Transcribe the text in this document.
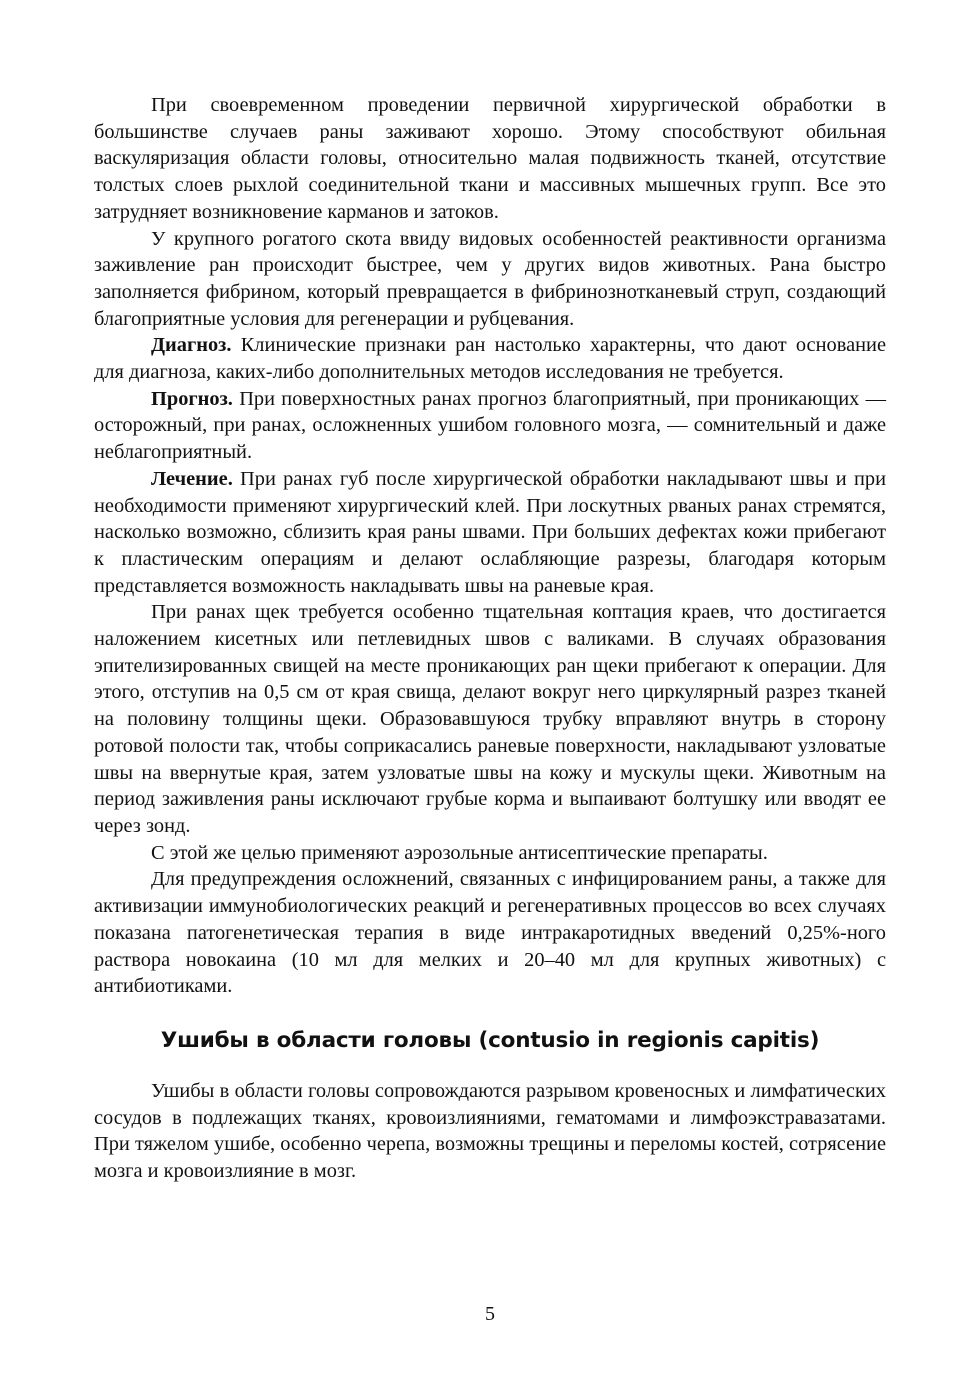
При своевременном проведении первичной хирургической обработки в большинстве случаев раны заживают хорошо. Этому способствуют обильная васкуляризация области головы, относительно малая подвижность тканей, отсутствие толстых слоев рыхлой соединительной ткани и массивных мышечных групп. Все это затрудняет возникновение карманов и затоков.

У крупного рогатого скота ввиду видовых особенностей реактивности организма заживление ран происходит быстрее, чем у других видов животных. Рана быстро заполняется фибрином, который превращается в фибринознотканевый струп, создающий благоприятные условия для регенерации и рубцевания.

Диагноз. Клинические признаки ран настолько характерны, что дают основание для диагноза, каких-либо дополнительных методов исследования не требуется.

Прогноз. При поверхностных ранах прогноз благоприятный, при проникающих — осторожный, при ранах, осложненных ушибом головного мозга, — сомнительный и даже неблагоприятный.

Лечение. При ранах губ после хирургической обработки накладывают швы и при необходимости применяют хирургический клей. При лоскутных рваных ранах стремятся, насколько возможно, сблизить края раны швами. При больших дефектах кожи прибегают к пластическим операциям и делают ослабляющие разрезы, благодаря которым представляется возможность накладывать швы на раневые края.

При ранах щек требуется особенно тщательная коптация краев, что достигается наложением кисетных или петлевидных швов с валиками. В случаях образования эпителизированных свищей на месте проникающих ран щеки прибегают к операции. Для этого, отступив на 0,5 см от края свища, делают вокруг него циркулярный разрез тканей на половину толщины щеки. Образовавшуюся трубку вправляют внутрь в сторону ротовой полости так, чтобы соприкасались раневые поверхности, накладывают узловатые швы на ввернутые края, затем узловатые швы на кожу и мускулы щеки. Животным на период заживления раны исключают грубые корма и выпаивают болтушку или вводят ее через зонд.

С этой же целью применяют аэрозольные антисептические препараты.

Для предупреждения осложнений, связанных с инфицированием раны, а также для активизации иммунобиологических реакций и регенеративных процессов во всех случаях показана патогенетическая терапия в виде интракаротидных введений 0,25%-ного раствора новокаина (10 мл для мелких и 20–40 мл для крупных животных) с антибиотиками.

Ушибы в области головы (contusio in regionis capitis)

Ушибы в области головы сопровождаются разрывом кровеносных и лимфатических сосудов в подлежащих тканях, кровоизлияниями, гематомами и лимфоэкстравазатами. При тяжелом ушибе, особенно черепа, возможны трещины и переломы костей, сотрясение мозга и кровоизлияние в мозг.

5
